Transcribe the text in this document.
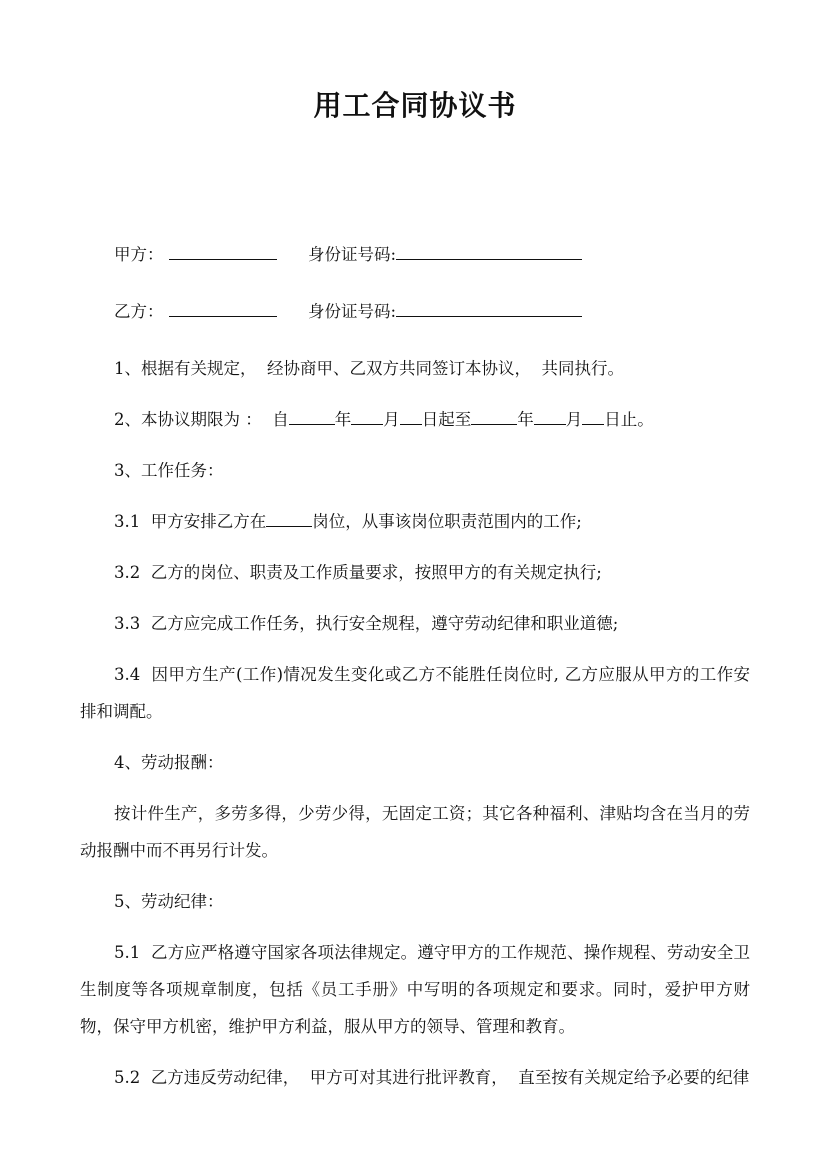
用工合同协议书

甲方：	身份证号码:

乙方：	身份证号码:

1、根据有关规定，  经协商甲、乙双方共同签订本协议，  共同执行。

2、本协议期限为 ：  自	年 月 日起至	年 月 日止。

3、工作任务：

3.1  甲方安排乙方在	岗位，从事该岗位职责范围内的工作;

3.2  乙方的岗位、职责及工作质量要求，按照甲方的有关规定执行;

3.3  乙方应完成工作任务，执行安全规程，遵守劳动纪律和职业道德;

3.4  因甲方生产(工作)情况发生变化或乙方不能胜任岗位时, 乙方应服从甲方的工作安排和调配。

4、劳动报酬：

按计件生产，多劳多得，少劳少得，无固定工资；其它各种福利、津贴均含在当月的劳动报酬中而不再另行计发。

5、劳动纪律：

5.1  乙方应严格遵守国家各项法律规定。遵守甲方的工作规范、操作规程、劳动安全卫生制度等各项规章制度，包括《员工手册》中写明的各项规定和要求。同时，爱护甲方财物，保守甲方机密，维护甲方利益，服从甲方的领导、管理和教育。

5.2  乙方违反劳动纪律，  甲方可对其进行批评教育，  直至按有关规定给予必要的纪律
